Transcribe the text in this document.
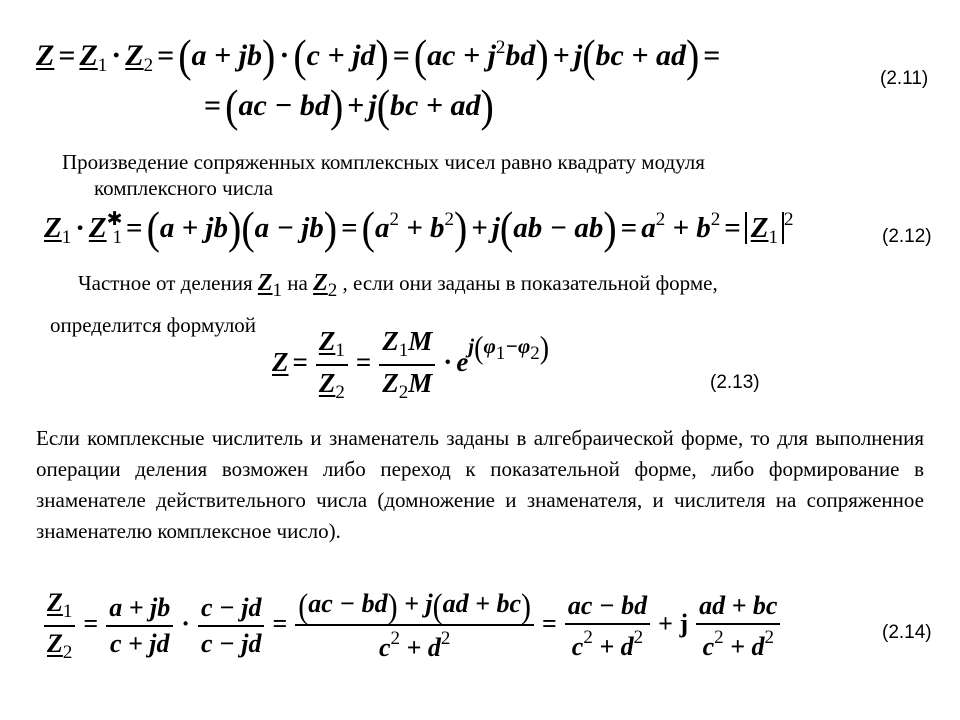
$Z = Z_1 \cdot Z_2 = (a + jb) \cdot (c + jd) = (ac + j^2bd) + j(bc + ad)$ =
= (ac − bd) + j(bc + ad)
(2.11)
Произведение сопряженных комплексных чисел равно квадрату модуля
комплексного числа
$Z_1 \cdot Z^✱_1 = (a + jb)(a - jb) = (a^2 + b^2) + j(ab - ab) = a^2 + b^2 = Z_1^2$
(2.12)
Частное от деления $Z_1$ на $Z_2$ , если они заданы в показательной форме,
определится формулой
$Z = \frac{Z_1}{Z_2} = \frac{Z_1M}{Z_2M} \cdot e^{j(\varphi 1-\varphi 2)}$
(2.13)
Если комплексные числитель и знаменатель заданы в алгебраической форме, то для выполнения операции деления возможен либо переход к показательной форме, либо формирование в знаменателе действительного числа (домножение и знаменателя, и числителя на сопряженное знаменателю комплексное число).
$\frac{Z_1}{Z_2} = \frac{a + jb}{c + jd} \cdot \frac{c - jd}{c - jd} = \frac{(ac - bd) + j(ad + bc)}{c^2 + d^2} = \frac{ac - bd}{c^2 + d^2} + j \frac{ad + bc}{c^2 + d^2}$	(2.14)
